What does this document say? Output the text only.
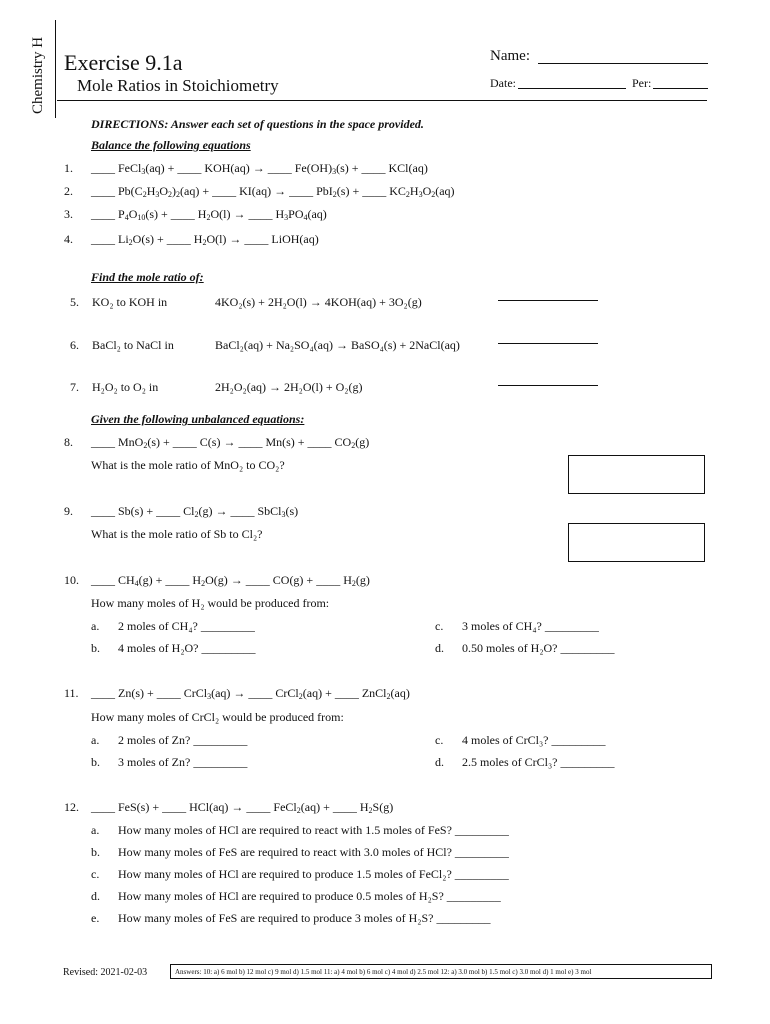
Chemistry H Exercise 9.1a
Mole Ratios in Stoichiometry
Name:
Date:	Per:
DIRECTIONS: Answer each set of questions in the space provided.
Balance the following equations
1. ____ FeCl$_3$(aq) + ____ KOH(aq) → ____ $Fe(OH)_3(s)$ + ____ KCl(aq)
2. ____ $Pb(C_2H_3O_2)_2(aq)$ + ____ KI(aq) → ____ PbI$_2$(s) + ____ $KC_2H_3O_2(aq)$
3. ____ $P_4O_{10}(s)$ + ____ $H_2O(l)$ → ____ $H_3PO_4(aq)$
4. ____ $Li_2O(s)$ + ____ $H_2O(l)$ → ____ LiOH(aq)
Find the mole ratio of:
5. KO₂ to KOH in	4KO₂(s) + 2H₂O(l) → 4KOH(aq) + 3O₂(g)
6. BaCl₂ to NaCl in	BaCl₂(aq) + Na₂SO₄(aq) → BaSO₄(s) + 2NaCl(aq)
7. H₂O₂ to O₂ in	2H₂O₂(aq) → 2H₂O(l) + O₂(g)
Given the following unbalanced equations:
8. ____ MnO$_2$(s) + ____ C(s) → ____ Mn(s) + ____ $CO_2(g)$
What is the mole ratio of MnO₂ to CO₂?
9. ____ Sb(s) + ____ $Cl_2(g)$ → ____ SbCl$_3$(s)
What is the mole ratio of Sb to Cl₂?
10. ____ $CH_4(g)$ + ____ $H_2O(g)$ → ____ CO(g) + ____ $H_2(g)$
How many moles of H₂ would be produced from:
a. 2 moles of CH₄? _________
b. 4 moles of H₂O? _________
c. 3 moles of CH₄? _________
d. 0.50 moles of H₂O? _________
11. ____ Zn(s) + ____ CrCl$_3$(aq) → ____ CrCl$_2$(aq) + ____ ZnCl$_2$(aq)
How many moles of CrCl₂ would be produced from:
a. 2 moles of Zn? _________
b. 3 moles of Zn? _________
c. 4 moles of CrCl₃? _________
d. 2.5 moles of CrCl₃? _________
12. ____ FeS(s) + ____ HCl(aq) → ____ FeCl$_2$(aq) + ____ $H_2S(g)$
a. How many moles of HCl are required to react with 1.5 moles of FeS? _________
b. How many moles of FeS are required to react with 3.0 moles of HCl? _________
c. How many moles of HCl are required to produce 1.5 moles of FeCl₂? _________
d. How many moles of HCl are required to produce 0.5 moles of H₂S? _________
e. How many moles of FeS are required to produce 3 moles of H₂S? _________
Revised: 2021-02-03	Answers: 10: a) 6 mol b) 12 mol c) 9 mol d) 1.5 mol 11: a) 4 mol b) 6 mol c) 4 mol d) 2.5 mol 12: a) 3.0 mol b) 1.5 mol c) 3.0 mol d) 1 mol e) 3 mol
